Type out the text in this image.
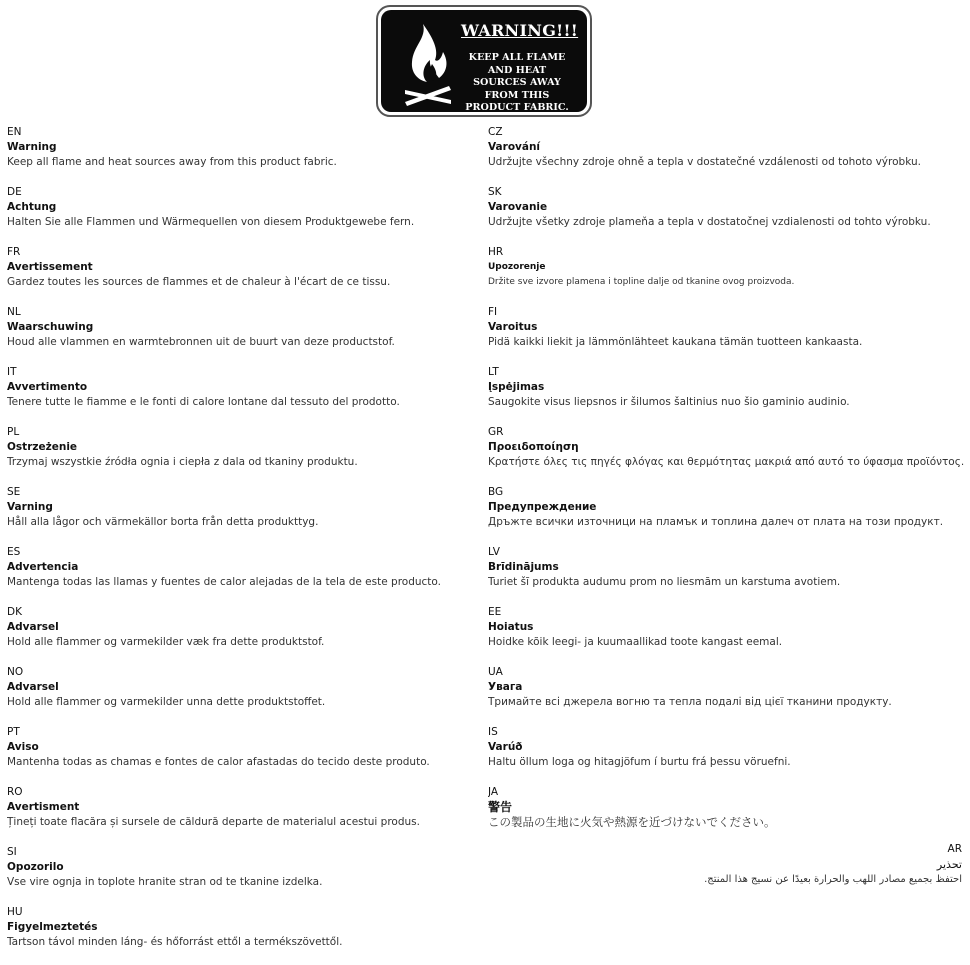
WARNING!!!
KEEP ALL FLAME AND HEAT SOURCES AWAY FROM THIS PRODUCT FABRIC.
EN
Warning
Keep all flame and heat sources away from this product fabric.
DE
Achtung
Halten Sie alle Flammen und Wärmequellen von diesem Produktgewebe fern.
FR
Avertissement
Gardez toutes les sources de flammes et de chaleur à l'écart de ce tissu.
NL
Waarschuwing
Houd alle vlammen en warmtebronnen uit de buurt van deze productstof.
IT
Avvertimento
Tenere tutte le fiamme e le fonti di calore lontane dal tessuto del prodotto.
PL
Ostrzeżenie
Trzymaj wszystkie źródła ognia i ciepła z dala od tkaniny produktu.
SE
Varning
Håll alla lågor och värmekällor borta från detta produkttyg.
ES
Advertencia
Mantenga todas las llamas y fuentes de calor alejadas de la tela de este producto.
DK
Advarsel
Hold alle flammer og varmekilder væk fra dette produktstof.
NO
Advarsel
Hold alle flammer og varmekilder unna dette produktstoffet.
PT
Aviso
Mantenha todas as chamas e fontes de calor afastadas do tecido deste produto.
RO
Avertisment
Țineți toate flacăra și sursele de căldură departe de materialul acestui produs.
SI
Opozorilo
Vse vire ognja in toplote hranite stran od te tkanine izdelka.
HU
Figyelmeztetés
Tartson távol minden láng- és hőforrást ettől a termékszövettől.
CZ
Varování
Udržujte všechny zdroje ohně a tepla v dostatečné vzdálenosti od tohoto výrobku.
SK
Varovanie
Udržujte všetky zdroje plameňa a tepla v dostatočnej vzdialenosti od tohto výrobku.
HR
Upozorenje
Držite sve izvore plamena i topline dalje od tkanine ovog proizvoda.
FI
Varoitus
Pidä kaikki liekit ja lämmönlähteet kaukana tämän tuotteen kankaasta.
LT
Įspėjimas
Saugokite visus liepsnos ir šilumos šaltinius nuo šio gaminio audinio.
GR
Προειδοποίηση
Κρατήστε όλες τις πηγές φλόγας και θερμότητας μακριά από αυτό το ύφασμα προϊόντος.
BG
Предупреждение
Дръжте всички източници на пламък и топлина далеч от плата на този продукт.
LV
Brīdinājums
Turiet šī produkta audumu prom no liesmām un karstuma avotiem.
EE
Hoiatus
Hoidke kõik leegi- ja kuumaallikad toote kangast eemal.
UA
Увага
Тримайте всі джерела вогню та тепла подалі від цієї тканини продукту.
IS
Varúð
Haltu öllum loga og hitagjöfum í burtu frá þessu vöruefni.
JA
警告
この製品の生地に火気や熱源を近づけないでください。
AR
تحذير
احتفظ بجميع مصادر اللهب والحرارة بعيدًا عن نسيج هذا المنتج.
